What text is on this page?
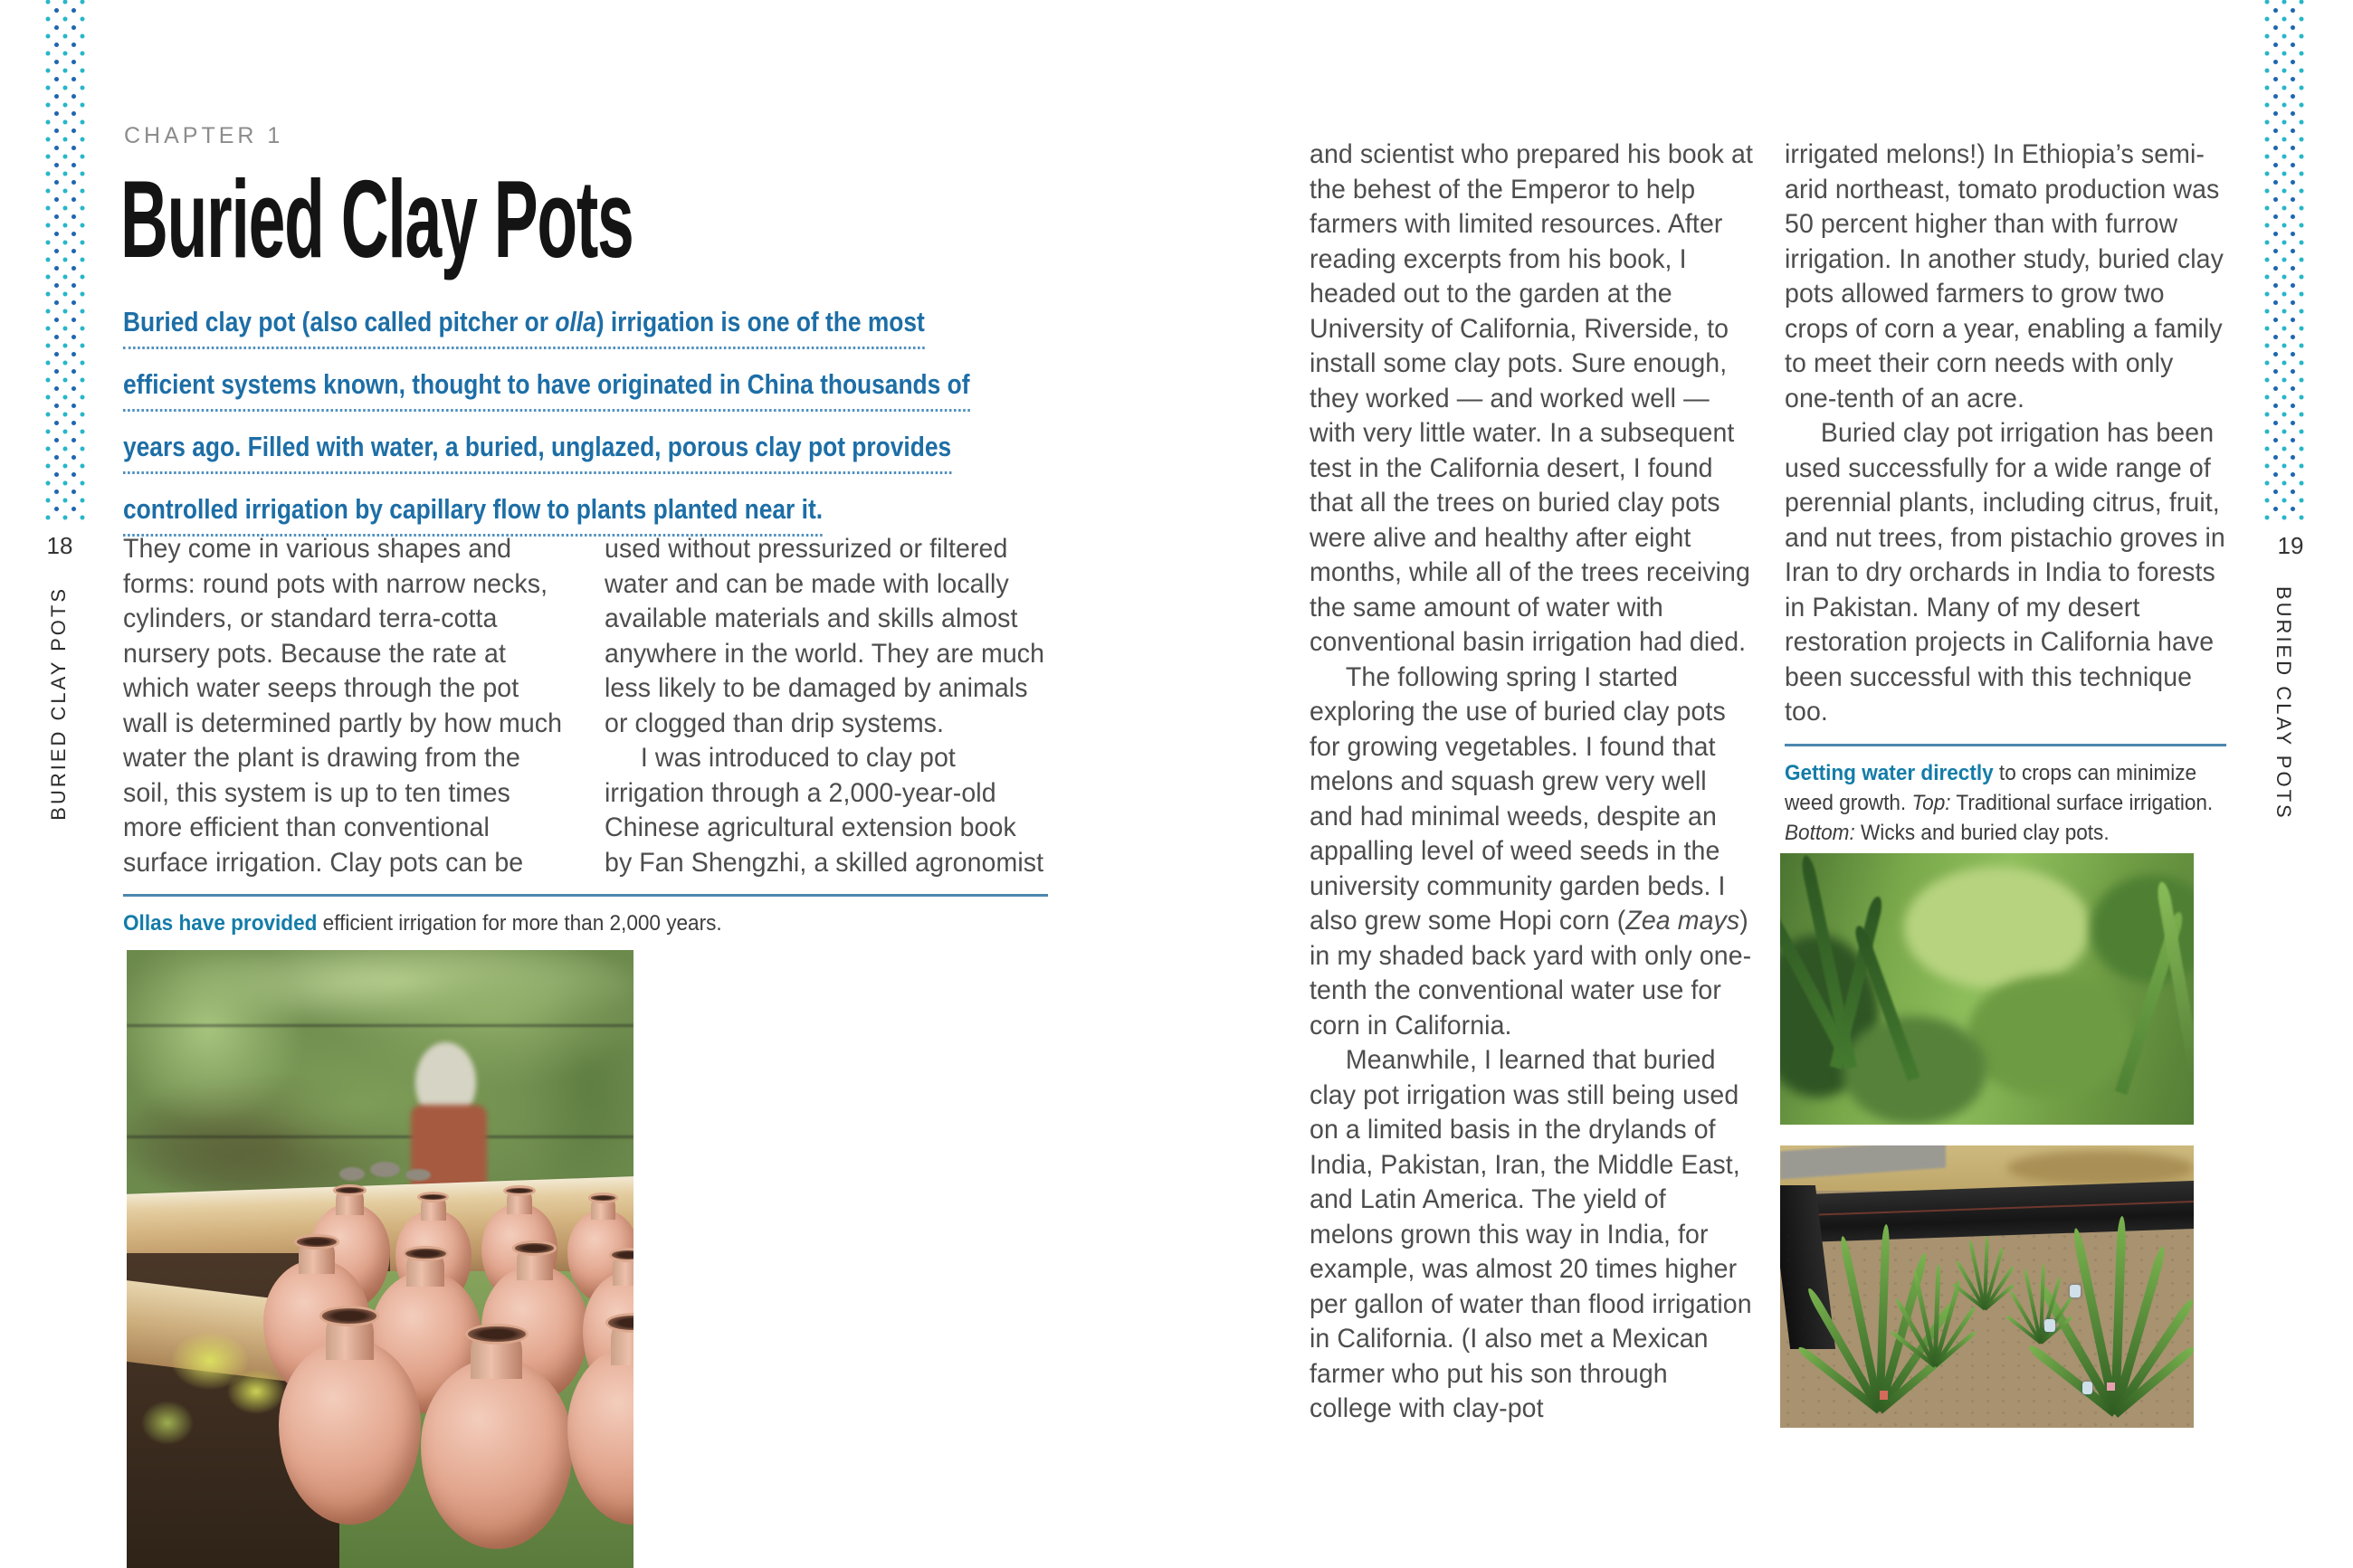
18	19
BURIED CLAY POTS	BURIED CLAY POTS
CHAPTER 1
Buried Clay Pots
Buried clay pot (also called pitcher or olla) irrigation is one of the most
efficient systems known, thought to have originated in China thousands of
years ago. Filled with water, a buried, unglazed, porous clay pot provides
controlled irrigation by capillary flow to plants planted near it.

They come in various shapes and forms: round pots with narrow necks, cylinders, or standard terra-cotta nursery pots. Because the rate at which water seeps through the pot wall is determined partly by how much water the plant is drawing from the soil, this system is up to ten times more efficient than conventional surface irrigation. Clay pots can be

used without pressurized or filtered water and can be made with locally available materials and skills almost anywhere in the world. They are much less likely to be damaged by animals or clogged than drip systems.

I was introduced to clay pot irrigation through a 2,000-year-old Chinese agricultural extension book by Fan Shengzhi, a skilled agronomist

Ollas have provided efficient irrigation for more than 2,000 years.

and scientist who prepared his book at the behest of the Emperor to help farmers with limited resources. After reading excerpts from his book, I headed out to the garden at the University of California, Riverside, to install some clay pots. Sure enough, they worked — and worked well — with very little water. In a subsequent test in the California desert, I found that all the trees on buried clay pots were alive and healthy after eight months, while all of the trees receiving the same amount of water with conventional basin irrigation had died.

The following spring I started exploring the use of buried clay pots for growing vegetables. I found that melons and squash grew very well and had minimal weeds, despite an appalling level of weed seeds in the university community garden beds. I also grew some Hopi corn (Zea mays) in my shaded back yard with only one-tenth the conventional water use for corn in California.

Meanwhile, I learned that buried clay pot irrigation was still being used on a limited basis in the drylands of India, Pakistan, Iran, the Middle East, and Latin America. The yield of melons grown this way in India, for example, was almost 20 times higher per gallon of water than flood irrigation in California. (I also met a Mexican farmer who put his son through college with clay-pot

irrigated melons!) In Ethiopia’s semi-arid northeast, tomato production was 50 percent higher than with furrow irrigation. In another study, buried clay pots allowed farmers to grow two crops of corn a year, enabling a family to meet their corn needs with only one-tenth of an acre.

Buried clay pot irrigation has been used successfully for a wide range of perennial plants, including citrus, fruit, and nut trees, from pistachio groves in Iran to dry orchards in India to forests in Pakistan. Many of my desert restoration projects in California have been successful with this technique too.

Getting water directly to crops can minimize weed growth. Top: Traditional surface irrigation. Bottom: Wicks and buried clay pots.
